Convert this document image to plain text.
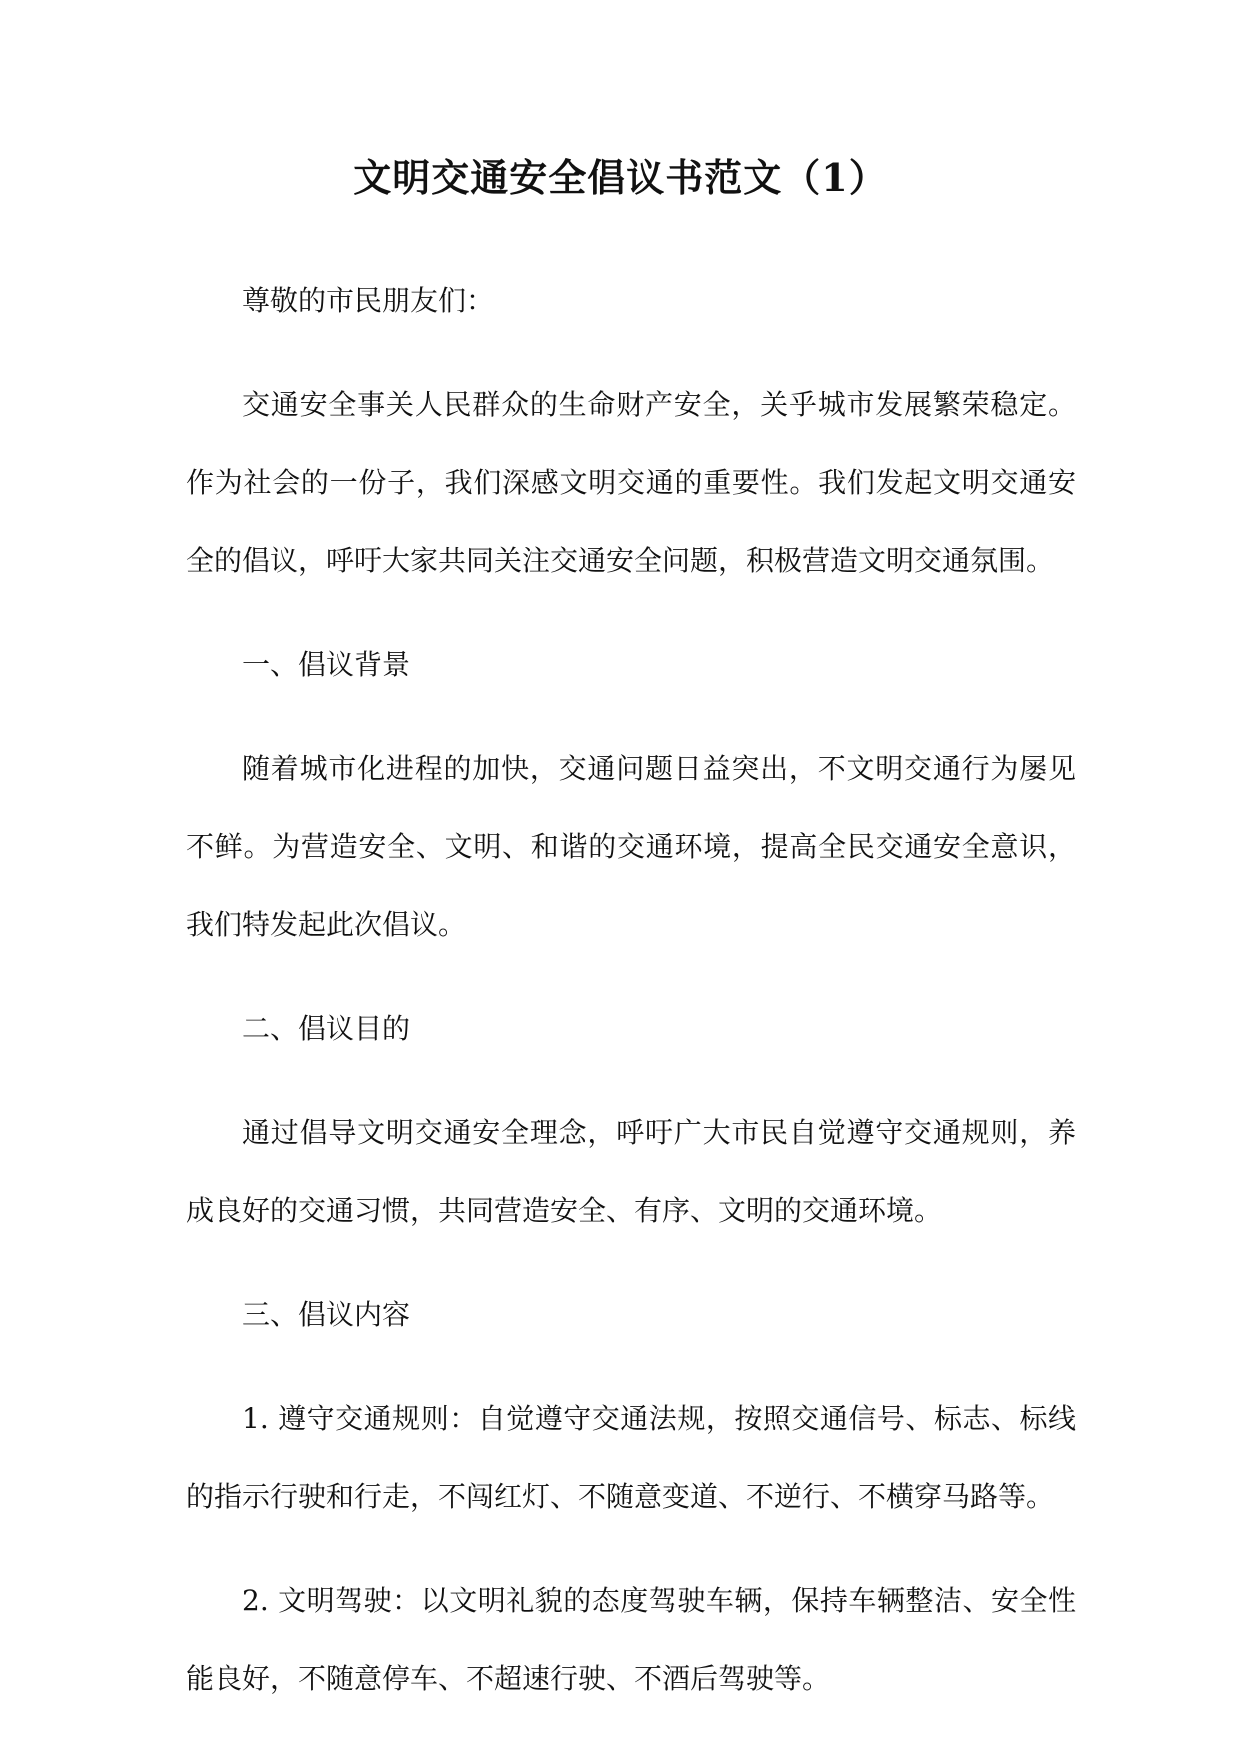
文明交通安全倡议书范文（1）

尊敬的市民朋友们：

交通安全事关人民群众的生命财产安全，关乎城市发展繁荣稳定。作为社会的一份子，我们深感文明交通的重要性。我们发起文明交通安全的倡议，呼吁大家共同关注交通安全问题，积极营造文明交通氛围。

一、倡议背景

随着城市化进程的加快，交通问题日益突出，不文明交通行为屡见不鲜。为营造安全、文明、和谐的交通环境，提高全民交通安全意识，我们特发起此次倡议。

二、倡议目的

通过倡导文明交通安全理念，呼吁广大市民自觉遵守交通规则，养成良好的交通习惯，共同营造安全、有序、文明的交通环境。

三、倡议内容

1. 遵守交通规则：自觉遵守交通法规，按照交通信号、标志、标线的指示行驶和行走，不闯红灯、不随意变道、不逆行、不横穿马路等。

2. 文明驾驶：以文明礼貌的态度驾驶车辆，保持车辆整洁、安全性能良好，不随意停车、不超速行驶、不酒后驾驶等。
